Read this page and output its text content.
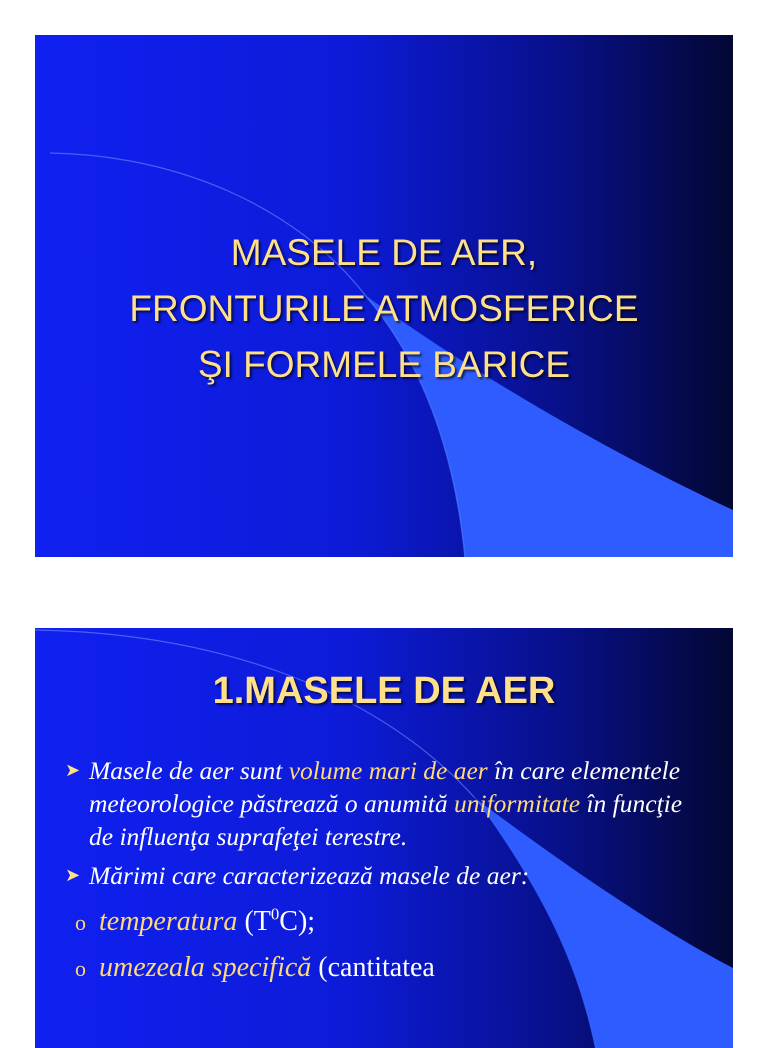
MASELE DE AER,
FRONTURILE ATMOSFERICE
ŞI FORMELE BARICE
1.MASELE DE AER
➤ Masele de aer sunt volume mari de aer în care elementele meteorologice păstrează o anumită uniformitate în funcţie de influenţa suprafeţei terestre.
➤ Mărimi care caracterizează masele de aer:
o temperatura $(T^0C)$;
o umezeala specifică (cantitatea
